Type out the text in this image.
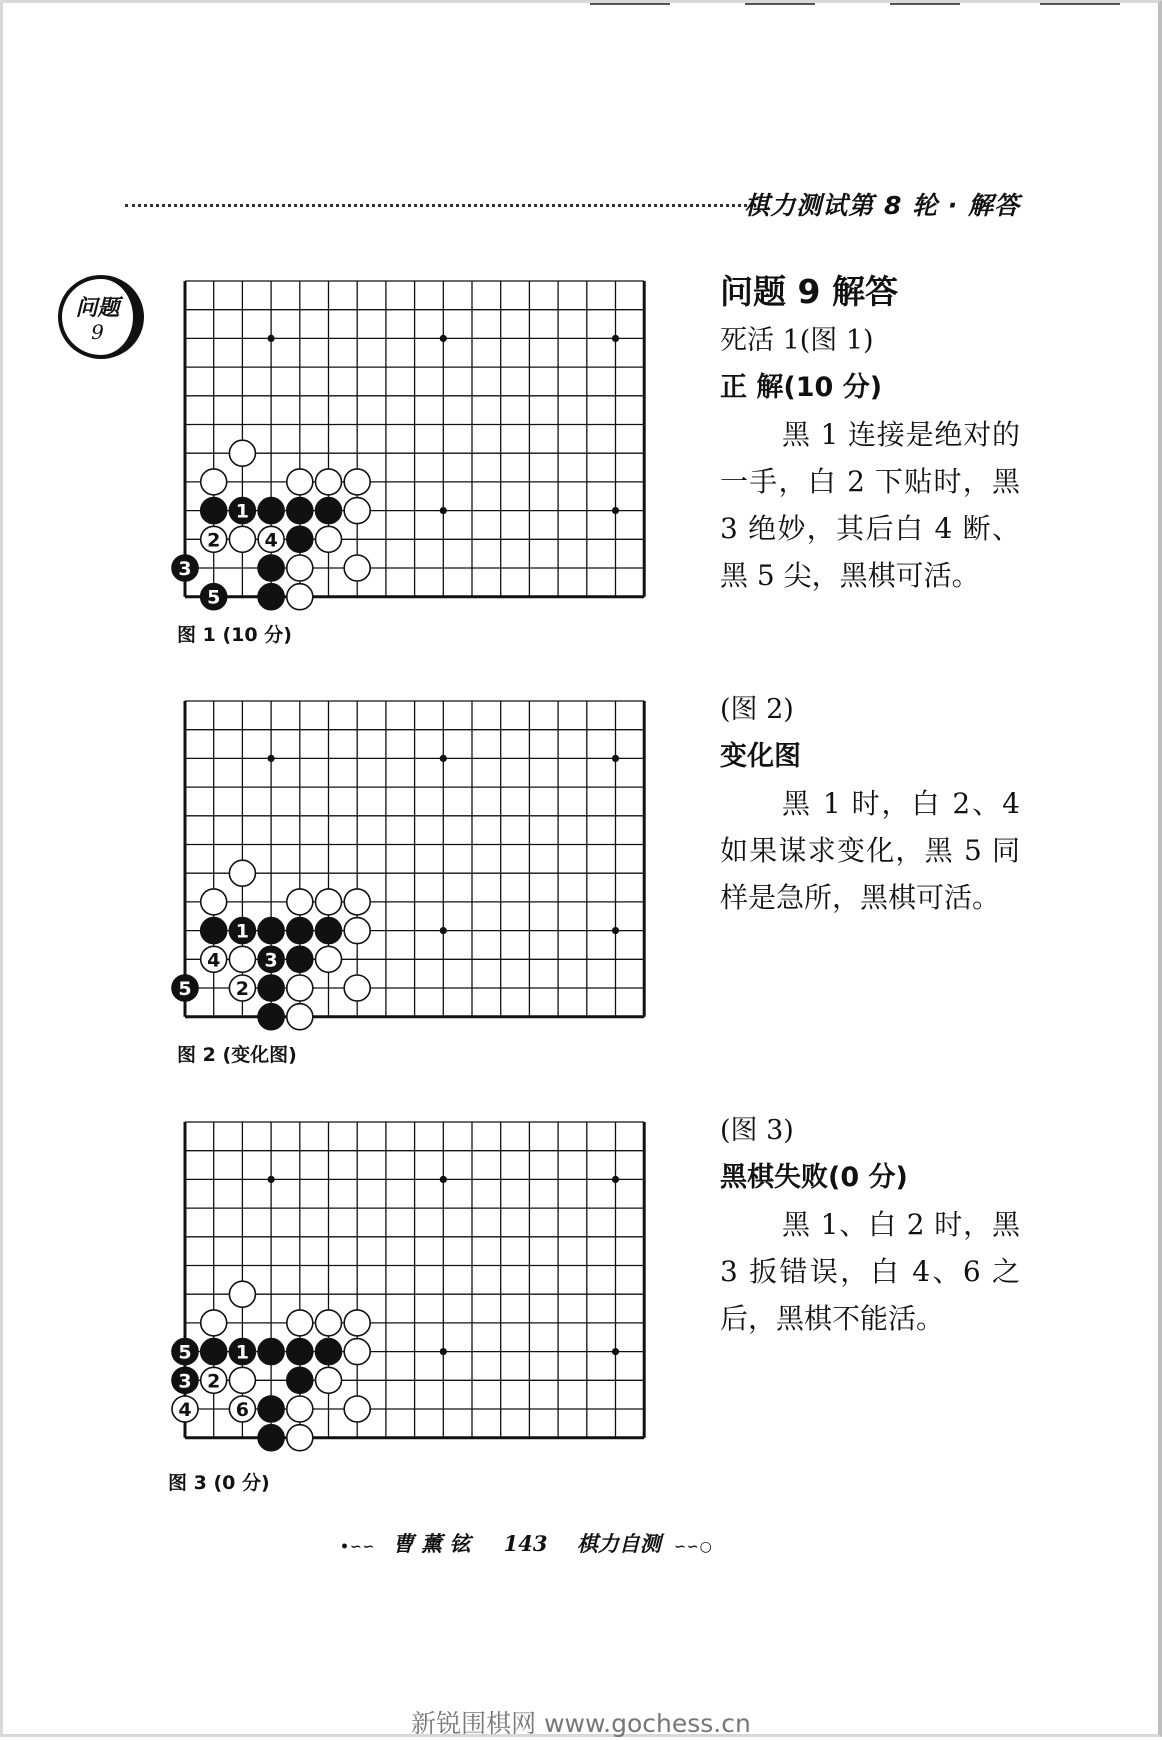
棋力测试第 8 轮 · 解答
问题
9
1
2 4
3
5
图 1 (10 分)
1
4 3
5 2
图 2 (变化图)
5 1
3 2
4 6
图 3 (0 分)
问题 9 解答
死活 1(图 1)
正 解(10 分)
黑 1 连接是绝对的一手，白 2 下贴时，黑 3 绝妙，其后白 4 断、黑 5 尖，黑棋可活。
(图 2)
变化图
黑 1 时，白 2、4 如果谋求变化，黑 5 同样是急所，黑棋可活。
(图 3)
黑棋失败(0 分)
黑 1、白 2 时，黑 3 扳错误，白 4、6 之后，黑棋不能活。
•∽∽ 曹 薰 铉 143 棋力自测 ∽∽○
新锐围棋网 www.gochess.cn
